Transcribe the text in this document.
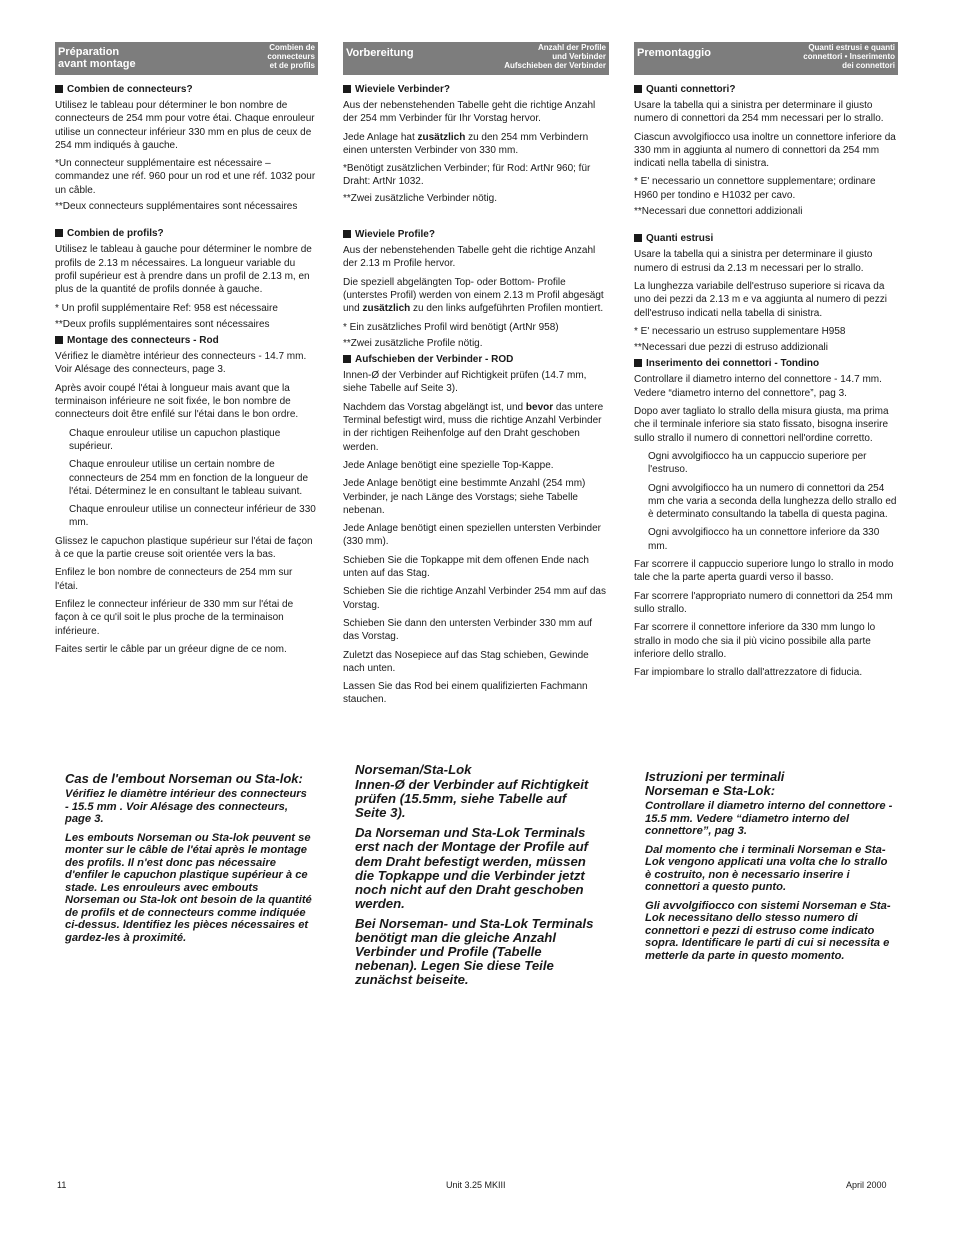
Préparation
avant montage
Combien de
connecteurs
et de profils
Combien de connecteurs?

Utilisez le tableau pour déterminer le bon nombre de connecteurs de 254 mm pour votre étai. Chaque enrouleur utilise un connecteur inférieur 330 mm en plus de ceux de 254 mm indiqués à gauche.

*Un connecteur supplémentaire est nécessaire – commandez une réf. 960 pour un rod et une réf. 1032 pour un câble.

**Deux connecteurs supplémentaires sont nécessaires

Combien de profils?

Utilisez le tableau à gauche pour déterminer le nombre de profils de 2.13 m nécessaires. La longueur variable du profil supérieur est à prendre dans un profil de 2.13 m, en plus de la quantité de profils donnée à gauche.

* Un profil supplémentaire Ref: 958 est nécessaire

**Deux profils supplémentaires sont nécessaires

Montage des connecteurs - Rod

Vérifiez le diamètre intérieur des connecteurs - 14.7 mm. Voir Alésage des connecteurs, page 3.

Après avoir coupé l'étai à longueur mais avant que la terminaison inférieure ne soit fixée, le bon nombre de connecteurs doit être enfilé sur l'étai dans le bon ordre.

Chaque enrouleur utilise un capuchon plastique supérieur.

Chaque enrouleur utilise un certain nombre de connecteurs de 254 mm en fonction de la longueur de l'étai. Déterminez le en consultant le tableau suivant.

Chaque enrouleur utilise un connecteur inférieur de 330 mm.

Glissez le capuchon plastique supérieur sur l'étai de façon à ce que la partie creuse soit orientée vers la bas.

Enfilez le bon nombre de connecteurs de 254 mm sur l'étai.

Enfilez le connecteur inférieur de 330 mm sur l'étai de façon à ce qu'il soit le plus proche de la terminaison inférieure.

Faites sertir le câble par un gréeur digne de ce nom.

Vorbereitung	Anzahl der Profile
und Verbinder
Aufschieben der Verbinder
Wieviele Verbinder?

Aus der nebenstehenden Tabelle geht die richtige Anzahl der 254 mm Verbinder für Ihr Vorstag hervor.

Jede Anlage hat zusätzlich zu den 254 mm Verbindern einen untersten Verbinder von 330 mm.

*Benötigt zusätzlichen Verbinder; für Rod: ArtNr 960; für Draht: ArtNr 1032.

**Zwei zusätzliche Verbinder nötig.

Wieviele Profile?

Aus der nebenstehenden Tabelle geht die richtige Anzahl der 2.13 m Profile hervor.

Die speziell abgelängten Top- oder Bottom- Profile (unterstes Profil) werden von einem 2.13 m Profil abgesägt und zusätzlich zu den links aufgeführten Profilen montiert.

* Ein zusätzliches Profil wird benötigt (ArtNr 958)

**Zwei zusätzliche Profile nötig.

Aufschieben der Verbinder - ROD

Innen-Ø der Verbinder auf Richtigkeit prüfen (14.7 mm, siehe Tabelle auf Seite 3).

Nachdem das Vorstag abgelängt ist, und bevor das untere Terminal befestigt wird, muss die richtige Anzahl Verbinder in der richtigen Reihenfolge auf den Draht geschoben werden.

Jede Anlage benötigt eine spezielle Top-Kappe.

Jede Anlage benötigt eine bestimmte Anzahl (254 mm) Verbinder, je nach Länge des Vorstags; siehe Tabelle nebenan.

Jede Anlage benötigt einen speziellen untersten Verbinder (330 mm).

Schieben Sie die Topkappe mit dem offenen Ende nach unten auf das Stag.

Schieben Sie die richtige Anzahl Verbinder 254 mm auf das Vorstag.

Schieben Sie dann den untersten Verbinder 330 mm auf das Vorstag.

Zuletzt das Nosepiece auf das Stag schieben, Gewinde nach unten.

Lassen Sie das Rod bei einem qualifizierten Fachmann stauchen.

Premontaggio	Quanti estrusi e quanti
connettori • Inserimento
dei connettori
Quanti connettori?

Usare la tabella qui a sinistra per determinare il giusto numero di connettori da 254 mm necessari per lo strallo.

Ciascun avvolgifiocco usa inoltre un connettore inferiore da 330 mm in aggiunta al numero di connettori da 254 mm indicati nella tabella di sinistra.

* E' necessario un connettore supplementare; ordinare H960 per tondino e H1032 per cavo.

**Necessari due connettori addizionali

Quanti estrusi

Usare la tabella qui a sinistra per determinare il giusto numero di estrusi da 2.13 m necessari per lo strallo.

La lunghezza variabile dell'estruso superiore si ricava da uno dei pezzi da 2.13 m e va aggiunta al numero di pezzi dell'estruso indicati nella tabella di sinistra.

* E' necessario un estruso supplementare H958

**Necessari due pezzi di estruso addizionali

Inserimento dei connettori - Tondino

Controllare il diametro interno del connettore - 14.7 mm. Vedere “diametro interno del connettore”, pag 3.

Dopo aver tagliato lo strallo della misura giusta, ma prima che il terminale inferiore sia stato fissato, bisogna inserire sullo strallo il numero di connettori nell'ordine corretto.

Ogni avvolgifiocco ha un cappuccio superiore per l'estruso.

Ogni avvolgifiocco ha un numero di connettori da 254 mm che varia a seconda della lunghezza dello strallo ed è determinato consultando la tabella di questa pagina.

Ogni avvolgifiocco ha un connettore inferiore da 330 mm.

Far scorrere il cappuccio superiore lungo lo strallo in modo tale che la parte aperta guardi verso il basso.

Far scorrere l'appropriato numero di connettori da 254 mm sullo strallo.

Far scorrere il connettore inferiore da 330 mm lungo lo strallo in modo che sia il più vicino possibile alla parte inferiore dello strallo.

Far impiombare lo strallo dall'attrezzatore di fiducia.

Cas de l'embout Norseman ou Sta-lok:

Vérifiez le diamètre intérieur des connecteurs - 15.5 mm . Voir Alésage des connecteurs, page 3.

Les embouts Norseman ou Sta-lok peuvent se monter sur le câble de l'étai après le montage des profils. Il n'est donc pas nécessaire d'enfiler le capuchon plastique supérieur à ce stade. Les enrouleurs avec embouts Norseman ou Sta-lok ont besoin de la quantité de profils et de connecteurs comme indiquée ci-dessus. Identifiez les pièces nécessaires et gardez-les à proximité.

Norseman/Sta-Lok

Innen-Ø der Verbinder auf Richtigkeit prüfen (15.5mm, siehe Tabelle auf Seite 3).

Da Norseman und Sta-Lok Terminals erst nach der Montage der Profile auf dem Draht befestigt werden, müssen die Topkappe und die Verbinder jetzt noch nicht auf den Draht geschoben werden.

Bei Norseman- und Sta-Lok Terminals benötigt man die gleiche Anzahl Verbinder und Profile (Tabelle nebenan). Legen Sie diese Teile zunächst beiseite.

Istruzioni per terminali
Norseman e Sta-Lok:

Controllare il diametro interno del connettore - 15.5 mm. Vedere “diametro interno del connettore”, pag 3.

Dal momento che i terminali Norseman e Sta-Lok vengono applicati una volta che lo strallo è costruito, non è necessario inserire i connettori a questo punto.

Gli avvolgifiocco con sistemi Norseman e Sta-Lok necessitano dello stesso numero di connettori e pezzi di estruso come indicato sopra. Identificare le parti di cui si necessita e metterle da parte in questo momento.

11	Unit 3.25 MKIII	April 2000
